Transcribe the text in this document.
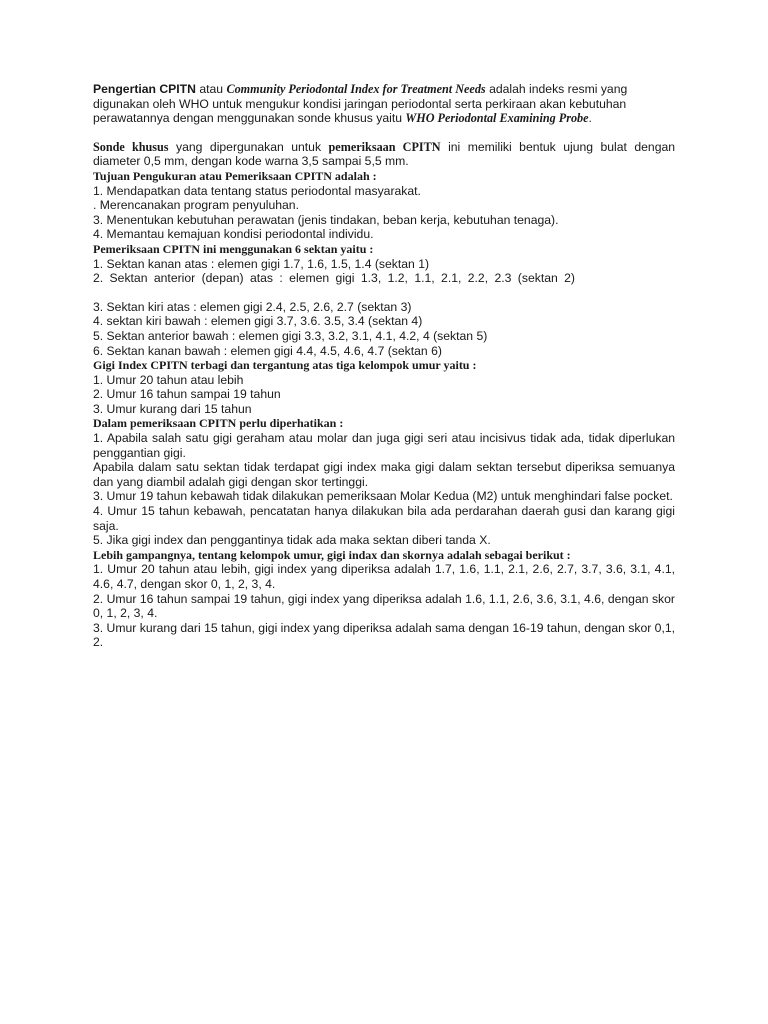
Pengertian CPITN atau Community Periodontal Index for Treatment Needs adalah indeks resmi yang digunakan oleh WHO untuk mengukur kondisi jaringan periodontal serta perkiraan akan kebutuhan perawatannya dengan menggunakan sonde khusus yaitu WHO Periodontal Examining Probe.

Sonde khusus yang dipergunakan untuk pemeriksaan CPITN ini memiliki bentuk ujung bulat dengan diameter 0,5 mm, dengan kode warna 3,5 sampai 5,5 mm.

Tujuan Pengukuran atau Pemeriksaan CPITN adalah :

1. Mendapatkan data tentang status periodontal masyarakat.

. Merencanakan program penyuluhan.

3. Menentukan kebutuhan perawatan (jenis tindakan, beban kerja, kebutuhan tenaga).

4. Memantau kemajuan kondisi periodontal individu.

Pemeriksaan CPITN ini menggunakan 6 sektan yaitu :

1. Sektan kanan atas : elemen gigi 1.7, 1.6, 1.5, 1.4 (sektan 1)

2. Sektan anterior (depan) atas : elemen gigi 1.3, 1.2, 1.1, 2.1, 2.2, 2.3 (sektan 2)

3. Sektan kiri atas : elemen gigi 2.4, 2.5, 2.6, 2.7 (sektan 3)

4. sektan kiri bawah : elemen gigi 3.7, 3.6. 3.5, 3.4 (sektan 4)

5. Sektan anterior bawah : elemen gigi 3.3, 3.2, 3.1, 4.1, 4.2, 4 (sektan 5)

6. Sektan kanan bawah : elemen gigi 4.4, 4.5, 4.6, 4.7 (sektan 6)

Gigi Index CPITN terbagi dan tergantung atas tiga kelompok umur yaitu :

1. Umur 20 tahun atau lebih

2. Umur 16 tahun sampai 19 tahun

3. Umur kurang dari 15 tahun

Dalam pemeriksaan CPITN perlu diperhatikan :

1. Apabila salah satu gigi geraham atau molar dan juga gigi seri atau incisivus tidak ada, tidak diperlukan penggantian gigi.

Apabila dalam satu sektan tidak terdapat gigi index maka gigi dalam sektan tersebut diperiksa semuanya dan yang diambil adalah gigi dengan skor tertinggi.

3. Umur 19 tahun kebawah tidak dilakukan pemeriksaan Molar Kedua (M2) untuk menghindari false pocket.

4. Umur 15 tahun kebawah, pencatatan hanya dilakukan bila ada perdarahan daerah gusi dan karang gigi saja.

5. Jika gigi index dan penggantinya tidak ada maka sektan diberi tanda X.

Lebih gampangnya, tentang kelompok umur, gigi indax dan skornya adalah sebagai berikut :

1. Umur 20 tahun atau lebih, gigi index yang diperiksa adalah 1.7, 1.6, 1.1, 2.1, 2.6, 2.7, 3.7, 3.6, 3.1, 4.1, 4.6, 4.7, dengan skor 0, 1, 2, 3, 4.

2. Umur 16 tahun sampai 19 tahun, gigi index yang diperiksa adalah 1.6, 1.1, 2.6, 3.6, 3.1, 4.6, dengan skor 0, 1, 2, 3, 4.

3. Umur kurang dari 15 tahun, gigi index yang diperiksa adalah sama dengan 16-19 tahun, dengan skor 0,1, 2.
